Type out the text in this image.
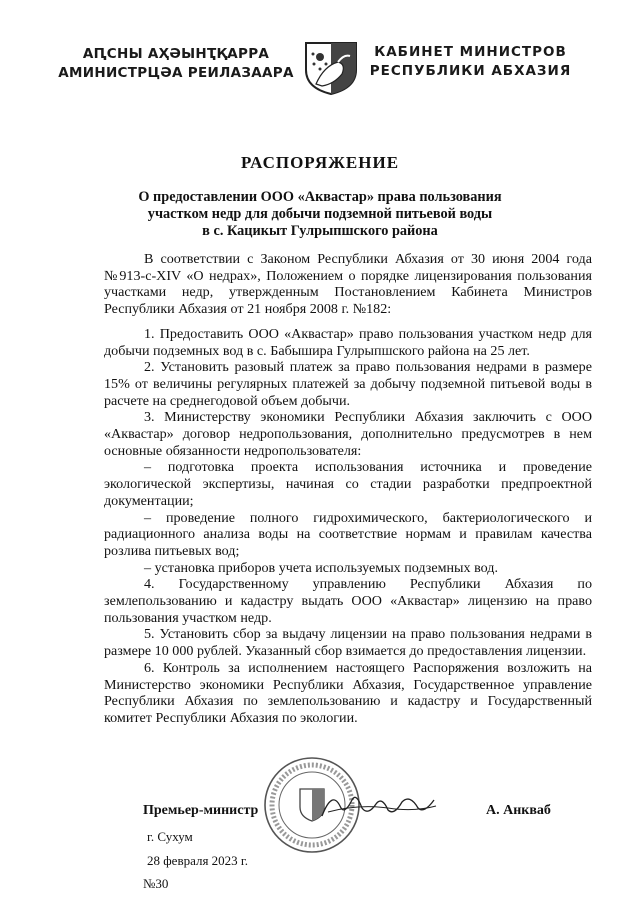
АԤСНЫ АҲӘЫНҬҚАРРА
АМИНИСТРЦӘА РЕИЛАЗААРА
КАБИНЕТ МИНИСТРОВ
РЕСПУБЛИКИ АБХАЗИЯ
РАСПОРЯЖЕНИЕ
О предоставлении ООО «Аквастар» права пользования
участком недр для добычи подземной питьевой воды
в с. Кацикыт Гулрыпшского района

В соответствии с Законом Республики Абхазия от 30 июня 2004 года №913-с-XIV «О недрах», Положением о порядке лицензирования пользования участками недр, утвержденным Постановлением Кабинета Министров Республики Абхазия от 21 ноября 2008 г. №182:

1. Предоставить ООО «Аквастар» право пользования участком недр для добычи подземных вод в с. Бабышира Гулрыпшского района на 25 лет.

2. Установить разовый платеж за право пользования недрами в размере 15% от величины регулярных платежей за добычу подземной питьевой воды в расчете на среднегодовой объем добычи.

3. Министерству экономики Республики Абхазия заключить с ООО «Аквастар» договор недропользования, дополнительно предусмотрев в нем основные обязанности недропользователя:

– подготовка проекта использования источника и проведение экологической экспертизы, начиная со стадии разработки предпроектной документации;

– проведение полного гидрохимического, бактериологического и радиационного анализа воды на соответствие нормам и правилам качества розлива питьевых вод;

– установка приборов учета используемых подземных вод.

4. Государственному управлению Республики Абхазия по землепользованию и кадастру выдать ООО «Аквастар» лицензию на право пользования участком недр.

5. Установить сбор за выдачу лицензии на право пользования недрами в размере 10 000 рублей. Указанный сбор взимается до предоставления лицензии.

6. Контроль за исполнением настоящего Распоряжения возложить на Министерство экономики Республики Абхазия, Государственное управление Республики Абхазия по землепользованию и кадастру и Государственный комитет Республики Абхазия по экологии.

Премьер-министр	А. Анкваб
г. Сухум
28 февраля 2023 г.
№30
